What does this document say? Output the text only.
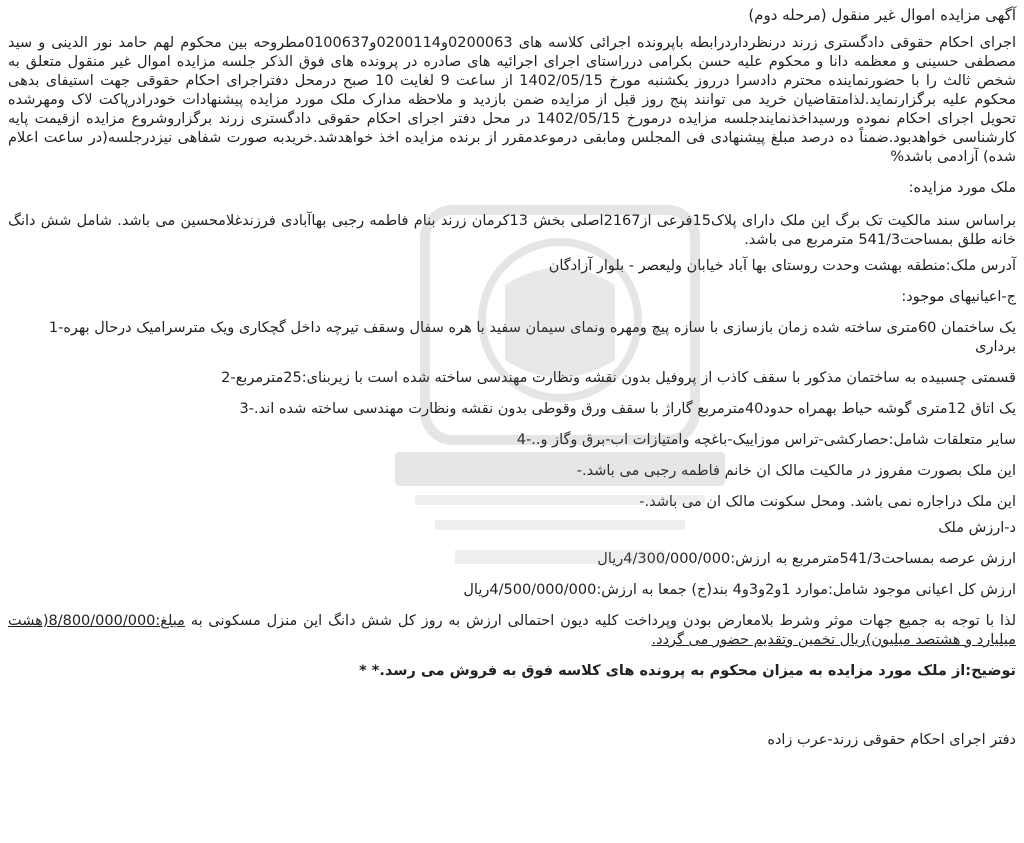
آگهی مزایده اموال غیر منقول (مرحله دوم)

اجرای احکام حقوقی دادگستری زرند درنظرداردرابطه باپرونده اجرائی کلاسه های 0200063و0200114و0100637مطروحه بین محکوم لهم حامد نور الدینی و سید مصطفی حسینی و معظمه دانا و محکوم علیه حسن بکرامی درراستای اجرای اجرائیه های صادره در پرونده های فوق الذکر جلسه مزایده اموال غیر منقول متعلق به شخص ثالث را با حضورنماینده محترم دادسرا درروز یکشنبه مورخ 1402/05/15 از ساعت 9 لغایت 10 صبح درمحل دفتراجرای احکام حقوقی جهت استیفای بدهی محکوم علیه برگزارنماید.لذامتقاضیان خرید می توانند پنج روز قبل از مزایده ضمن بازدید و ملاحظه مدارک ملک مورد مزایده پیشنهادات خودرادرپاکت لاک ومهرشده تحویل اجرای احکام نموده ورسیداخذنمایندجلسه مزایده درمورخ 1402/05/15 در محل دفتر اجرای احکام حقوقی دادگستری زرند برگزاروشروع مزایده ازقیمت پایه کارشناسی خواهدبود.ضمناً ده درصد مبلغ پیشنهادی فی المجلس ومابقی درموعدمقرر از برنده مزایده اخذ خواهدشد.خریدبه صورت شفاهی نیزدرجلسه(در ساعت اعلام شده) آزادمی باشد%

ملک مورد مزایده:

براساس سند مالکیت تک برگ این ملک دارای پلاک15فرعی از2167اصلی بخش 13کرمان زرند بنام فاطمه رجبی بهاآبادی فرزندغلامحسین می باشد. شامل شش دانگ خانه طلق بمساحت541/3 مترمربع می باشد.

آدرس ملک:منطقه بهشت وحدت روستای بها آباد خیابان ولیعصر - بلوار آزادگان

ج-اعیانیهای موجود:

یک ساختمان 60متری ساخته شده زمان بازسازی با سازه پیچ ومهره ونمای سیمان سفید با هره سفال وسقف تیرچه داخل گچکاری ویک مترسرامیک درحال بهره-1 برداری

قسمتی چسبیده به ساختمان مذکور با سقف کاذب از پروفیل بدون نقشه ونظارت مهندسی ساخته شده است با زیربنای:25مترمربع-2

یک اتاق 12متری گوشه حیاط بهمراه حدود40مترمربع گاراژ با سقف ورق وقوطی بدون نقشه ونظارت مهندسی ساخته شده اند.-3

سایر متعلقات شامل:حصارکشی-تراس موزاییک-باغچه وامتیازات اب-برق وگاز و..-4

این ملک بصورت مفروز در مالکیت مالک ان خانم فاطمه رجبی می باشد.-

این ملک دراجاره نمی باشد. ومحل سکونت مالک ان می باشد.-

د-ارزش ملک

ارزش عرصه بمساحت541/3مترمربع به ارزش:4/300/000/000ریال

ارزش کل اعیانی موجود شامل:موارد 1و2و3و4 بند(ج) جمعا به ارزش:4/500/000/000ریال

لذا با توجه به جمیع جهات موثر وشرط بلامعارض بودن وپرداخت کلیه دیون احتمالی ارزش به روز کل شش دانگ این منزل مسکونی به مبلغ:8/800/000/000(هشت میلیارد و هشتصد میلیون)ریال تخمین وتقدیم حضور می گردد.

توضیح:از ملک مورد مزایده به میزان محکوم به پرونده های کلاسه فوق به فروش می رسد.* *

دفتر اجرای احکام حقوقی زرند-عرب زاده
